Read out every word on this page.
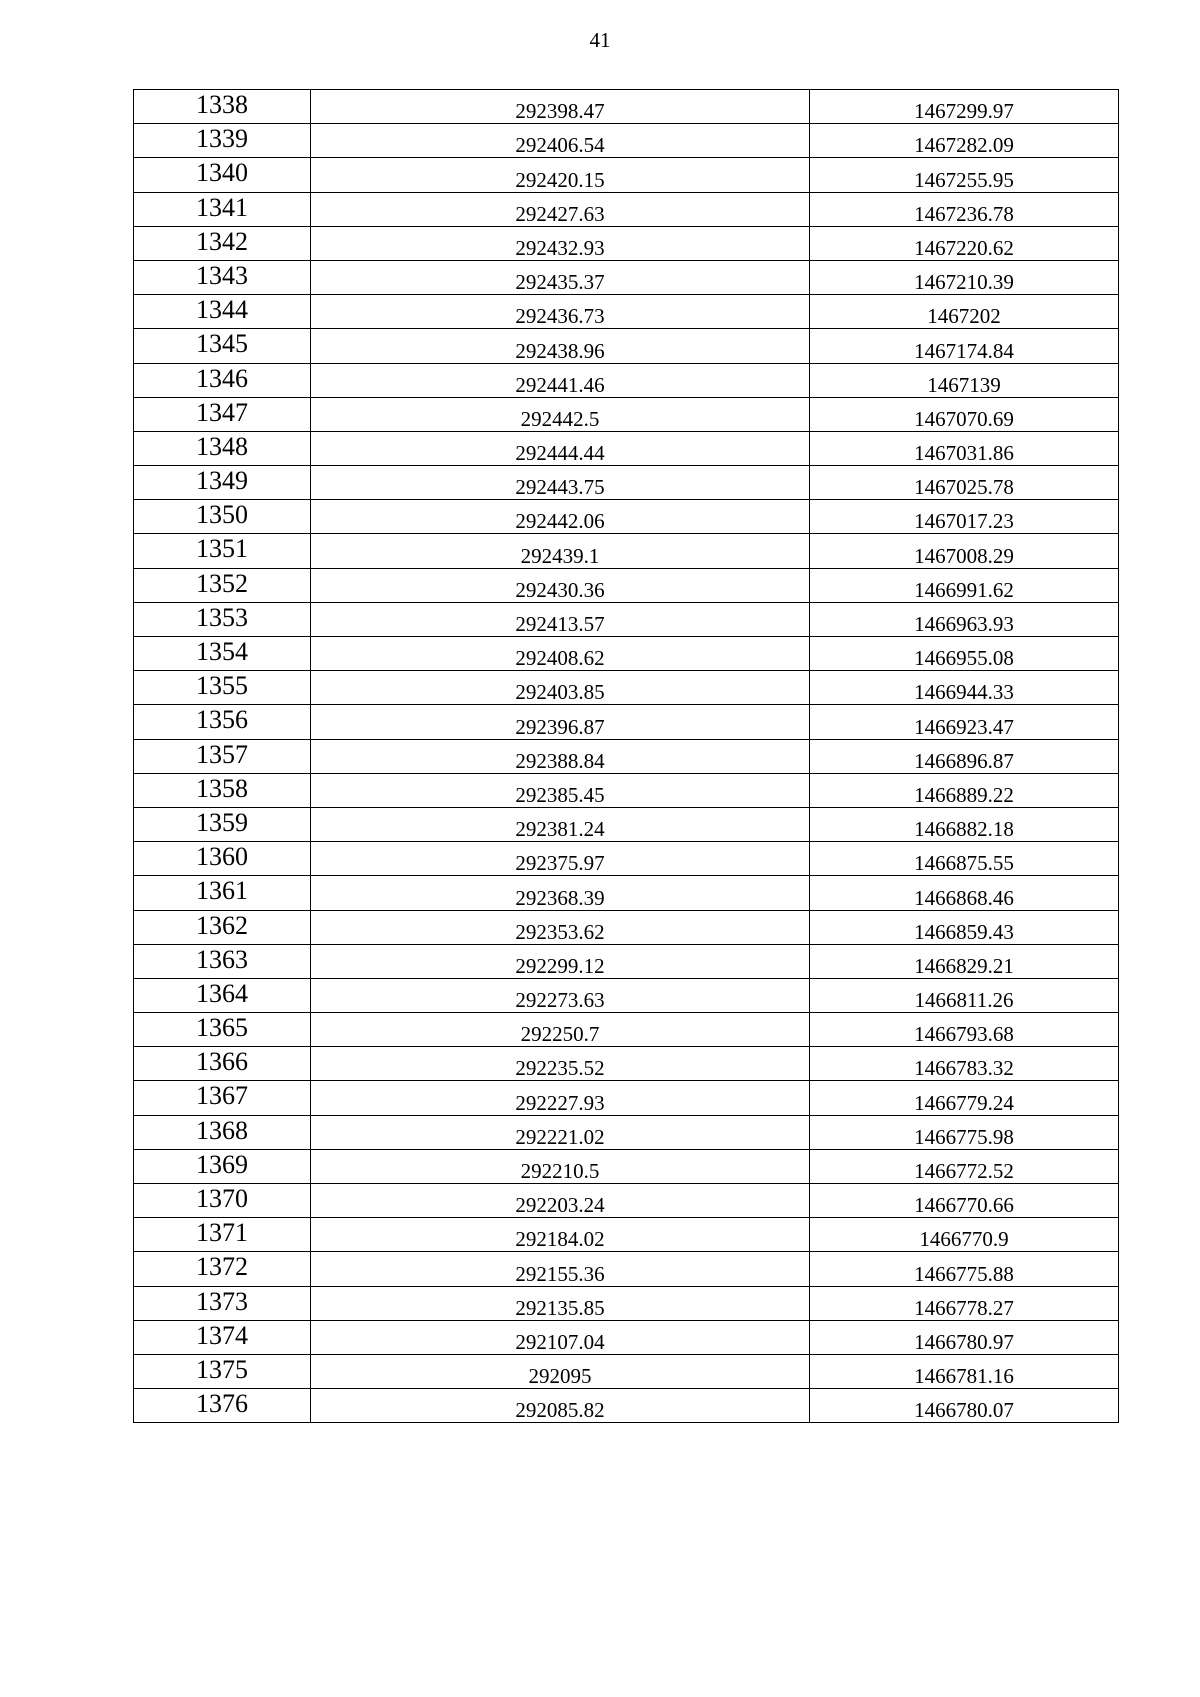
41
1338	292398.47	1467299.97
1339	292406.54	1467282.09
1340	292420.15	1467255.95
1341	292427.63	1467236.78
1342	292432.93	1467220.62
1343	292435.37	1467210.39
1344	292436.73	1467202
1345	292438.96	1467174.84
1346	292441.46	1467139
1347	292442.5	1467070.69
1348	292444.44	1467031.86
1349	292443.75	1467025.78
1350	292442.06	1467017.23
1351	292439.1	1467008.29
1352	292430.36	1466991.62
1353	292413.57	1466963.93
1354	292408.62	1466955.08
1355	292403.85	1466944.33
1356	292396.87	1466923.47
1357	292388.84	1466896.87
1358	292385.45	1466889.22
1359	292381.24	1466882.18
1360	292375.97	1466875.55
1361	292368.39	1466868.46
1362	292353.62	1466859.43
1363	292299.12	1466829.21
1364	292273.63	1466811.26
1365	292250.7	1466793.68
1366	292235.52	1466783.32
1367	292227.93	1466779.24
1368	292221.02	1466775.98
1369	292210.5	1466772.52
1370	292203.24	1466770.66
1371	292184.02	1466770.9
1372	292155.36	1466775.88
1373	292135.85	1466778.27
1374	292107.04	1466780.97
1375	292095	1466781.16
1376	292085.82	1466780.07
